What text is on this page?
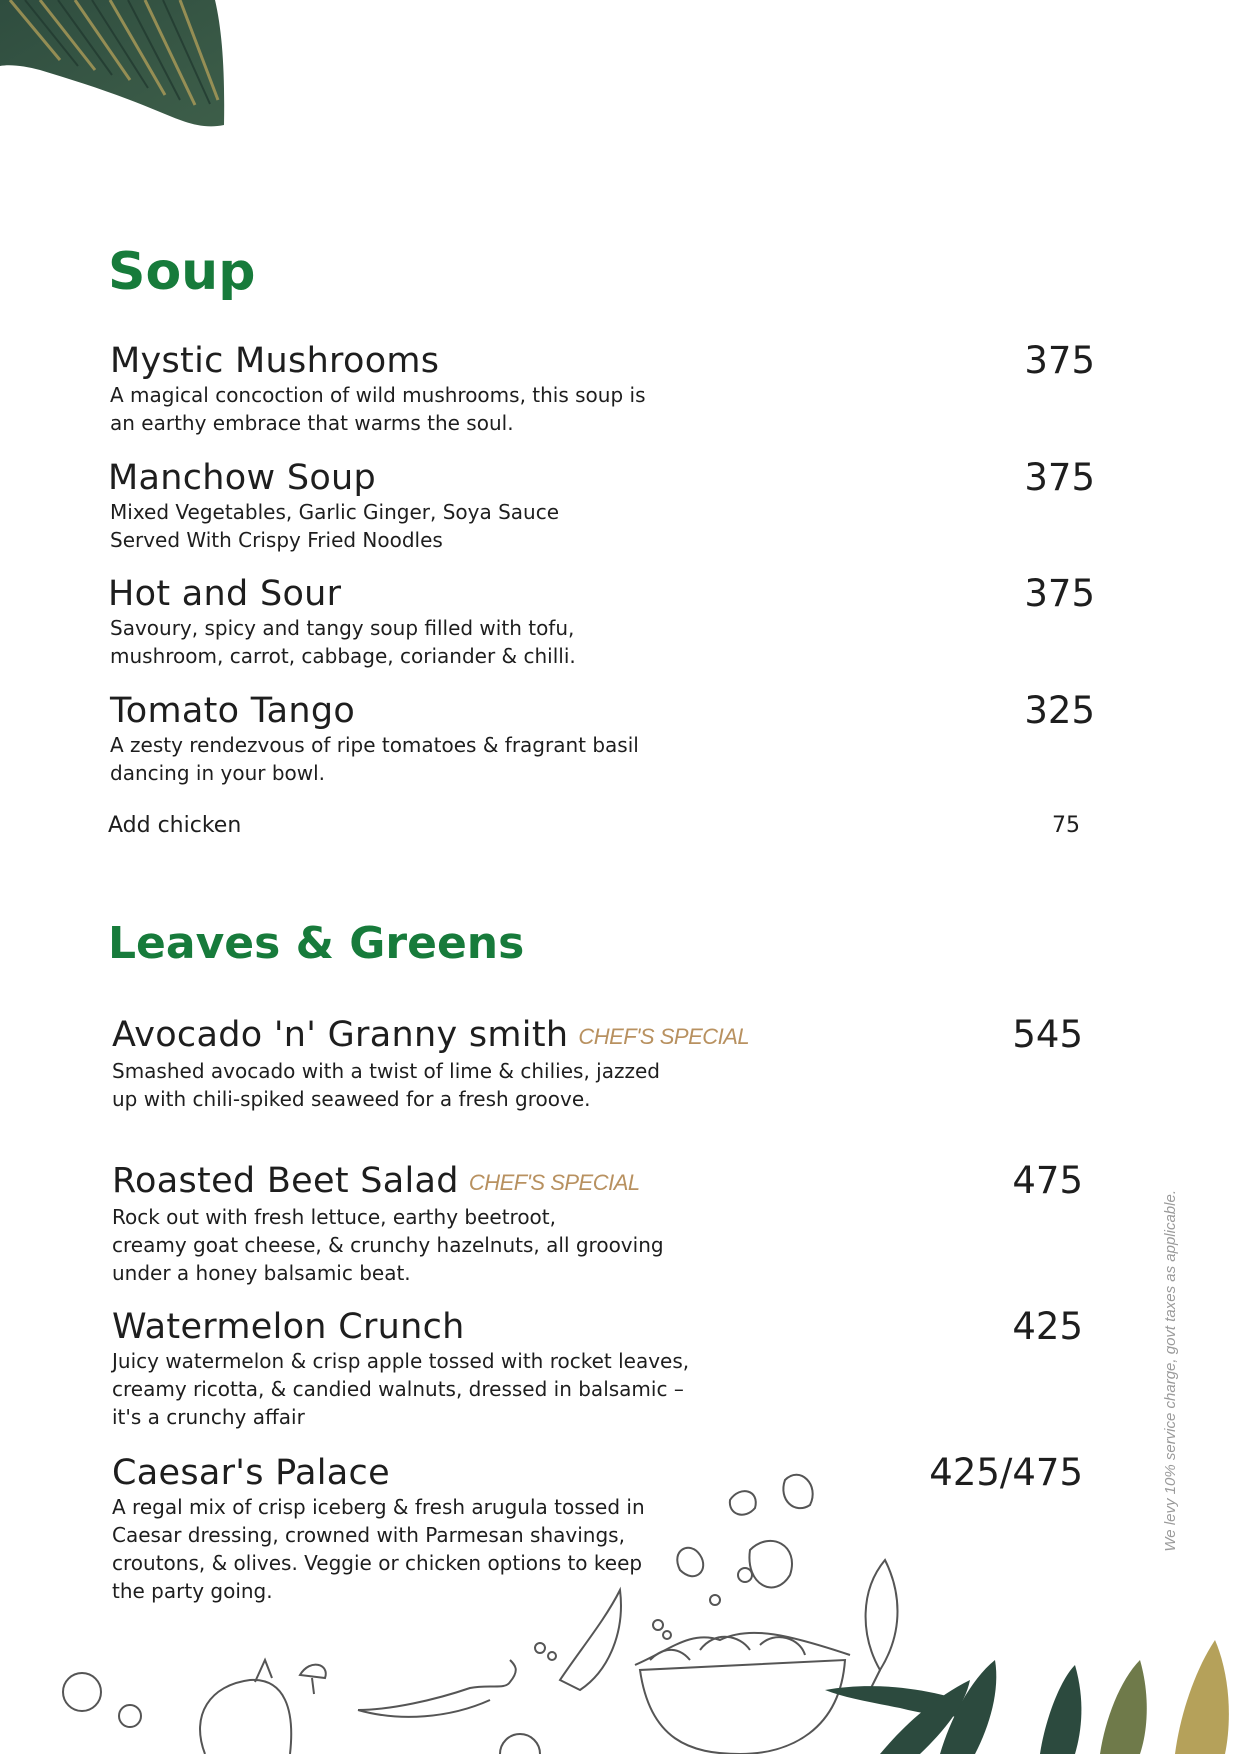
We levy 10% service charge, govt taxes as applicable.
Soup
Mystic Mushrooms	375
A magical concoction of wild mushrooms, this soup is
an earthy embrace that warms the soul.
Manchow Soup	375
Mixed Vegetables, Garlic Ginger, Soya Sauce
Served With Crispy Fried Noodles
Hot and Sour	375
Savoury, spicy and tangy soup filled with tofu,
mushroom, carrot, cabbage, coriander & chilli.
Tomato Tango	325
A zesty rendezvous of ripe tomatoes & fragrant basil
dancing in your bowl.
Add chicken	75
Leaves & Greens
Avocado 'n' Granny smith CHEF'S SPECIAL	545
Smashed avocado with a twist of lime & chilies, jazzed
up with chili-spiked seaweed for a fresh groove.
Roasted Beet Salad CHEF'S SPECIAL	475
Rock out with fresh lettuce, earthy beetroot,
creamy goat cheese, & crunchy hazelnuts, all grooving
under a honey balsamic beat.
Watermelon Crunch	425
Juicy watermelon & crisp apple tossed with rocket leaves,
creamy ricotta, & candied walnuts, dressed in balsamic –
it's a crunchy affair
Caesar's Palace	425/475
A regal mix of crisp iceberg & fresh arugula tossed in
Caesar dressing, crowned with Parmesan shavings,
croutons, & olives. Veggie or chicken options to keep
the party going.
